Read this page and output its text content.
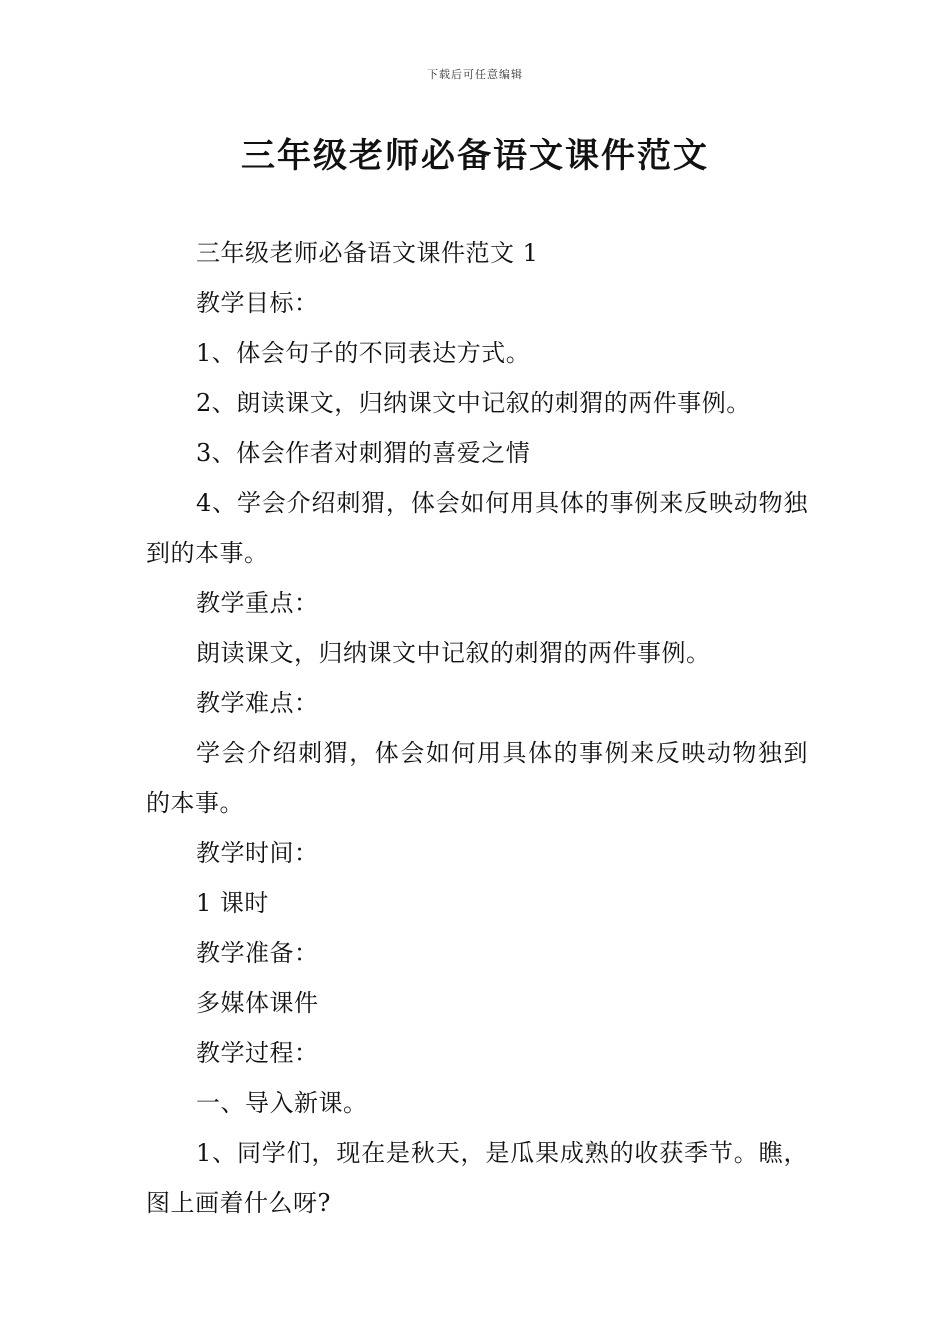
下载后可任意编辑
三年级老师必备语文课件范文

三年级老师必备语文课件范文 1

教学目标：

1、体会句子的不同表达方式。

2、朗读课文，归纳课文中记叙的刺猬的两件事例。

3、体会作者对刺猬的喜爱之情

4、学会介绍刺猬，体会如何用具体的事例来反映动物独到的本事。

教学重点：

朗读课文，归纳课文中记叙的刺猬的两件事例。

教学难点：

学会介绍刺猬，体会如何用具体的事例来反映动物独到的本事。

教学时间：

1 课时

教学准备：

多媒体课件

教学过程：

一、导入新课。

1、同学们，现在是秋天，是瓜果成熟的收获季节。瞧，图上画着什么呀?
